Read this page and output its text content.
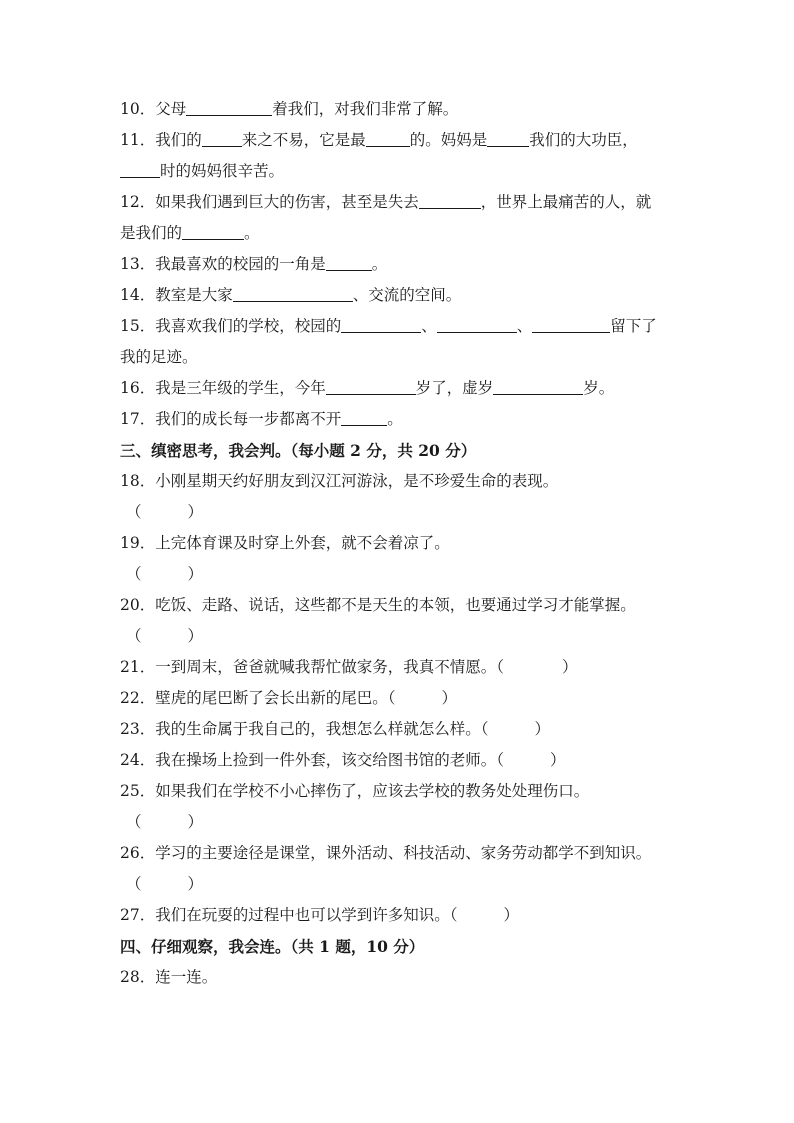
10．父母	着我们，对我们非常了解。
11．我们的	来之不易，它是最	的。妈妈是	我们的大功臣，
时的妈妈很辛苦。
12．如果我们遇到巨大的伤害，甚至是失去	，世界上最痛苦的人，就
是我们的	。
13．我最喜欢的校园的一角是	。
14．教室是大家	、交流的空间。
15．我喜欢我们的学校，校园的	、	、	留下了
我的足迹。
16．我是三年级的学生，今年	岁了，虚岁	岁。
17．我们的成长每一步都离不开	。
三、缜密思考，我会判。（每小题 2 分，共 20 分）
18．小刚星期天约好朋友到汉江河游泳，是不珍爱生命的表现。
（	）
19．上完体育课及时穿上外套，就不会着凉了。
（	）
20．吃饭、走路、说话，这些都不是天生的本领，也要通过学习才能掌握。
（	）
21．一到周末，爸爸就喊我帮忙做家务，我真不情愿。（	）
22．壁虎的尾巴断了会长出新的尾巴。（	）
23．我的生命属于我自己的，我想怎么样就怎么样。（	）
24．我在操场上捡到一件外套，该交给图书馆的老师。（	）
25．如果我们在学校不小心摔伤了，应该去学校的教务处处理伤口。
（	）
26．学习的主要途径是课堂，课外活动、科技活动、家务劳动都学不到知识。
（	）
27．我们在玩耍的过程中也可以学到许多知识。（	）
四、仔细观察，我会连。（共 1 题，10 分）
28．连一连。
